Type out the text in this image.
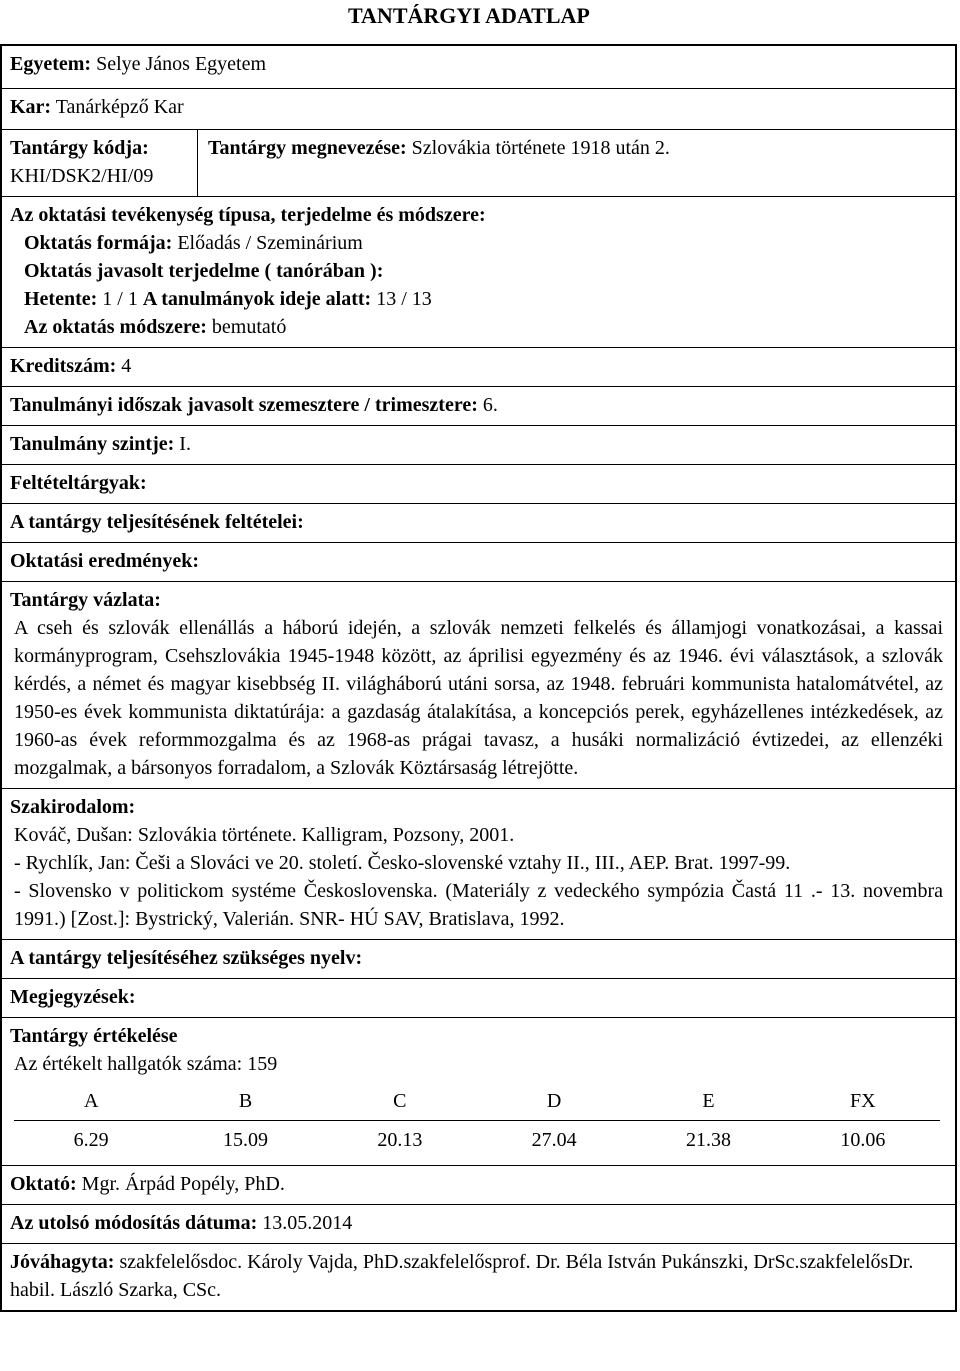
TANTÁRGYI ADATLAP
Egyetem: Selye János Egyetem
Kar: Tanárképző Kar
Tantárgy kódja:
KHI/DSK2/HI/09
Tantárgy megnevezése: Szlovákia története 1918 után 2.
Az oktatási tevékenység típusa, terjedelme és módszere:
Oktatás formája: Előadás / Szeminárium
Oktatás javasolt terjedelme ( tanórában ):
Hetente: 1 / 1 A tanulmányok ideje alatt: 13 / 13
Az oktatás módszere: bemutató
Kreditszám: 4
Tanulmányi időszak javasolt szemesztere / trimesztere: 6.
Tanulmány szintje: I.
Feltételtárgyak:
A tantárgy teljesítésének feltételei:
Oktatási eredmények:
Tantárgy vázlata:
A cseh és szlovák ellenállás a háború idején, a szlovák nemzeti felkelés és államjogi vonatkozásai, a kassai kormányprogram, Csehszlovákia 1945-1948 között, az áprilisi egyezmény és az 1946. évi választások, a szlovák kérdés, a német és magyar kisebbség II. világháború utáni sorsa, az 1948. februári kommunista hatalomátvétel, az 1950-es évek kommunista diktatúrája: a gazdaság átalakítása, a koncepciós perek, egyházellenes intézkedések, az 1960-as évek reformmozgalma és az 1968-as prágai tavasz, a husáki normalizáció évtizedei, az ellenzéki mozgalmak, a bársonyos forradalom, a Szlovák Köztársaság létrejötte.
Szakirodalom:
Kováč, Dušan: Szlovákia története. Kalligram, Pozsony, 2001.
- Rychlík, Jan: Češi a Slováci ve 20. století. Česko-slovenské vztahy II., III., AEP. Brat. 1997-99.
- Slovensko v politickom systéme Československa. (Materiály z vedeckého sympózia Častá 11 .- 13. novembra 1991.) [Zost.]: Bystrický, Valerián. SNR- HÚ SAV, Bratislava, 1992.
A tantárgy teljesítéséhez szükséges nyelv:
Megjegyzések:
Tantárgy értékelése
Az értékelt hallgatók száma: 159
A	B	C	D	E	FX
6.29	15.09	20.13	27.04	21.38	10.06
Oktató: Mgr. Árpád Popély, PhD.
Az utolsó módosítás dátuma: 13.05.2014
Jóváhagyta: szakfelelősdoc. Károly Vajda, PhD.szakfelelősprof. Dr. Béla István Pukánszki, DrSc.szakfelelősDr. habil. László Szarka, CSc.
